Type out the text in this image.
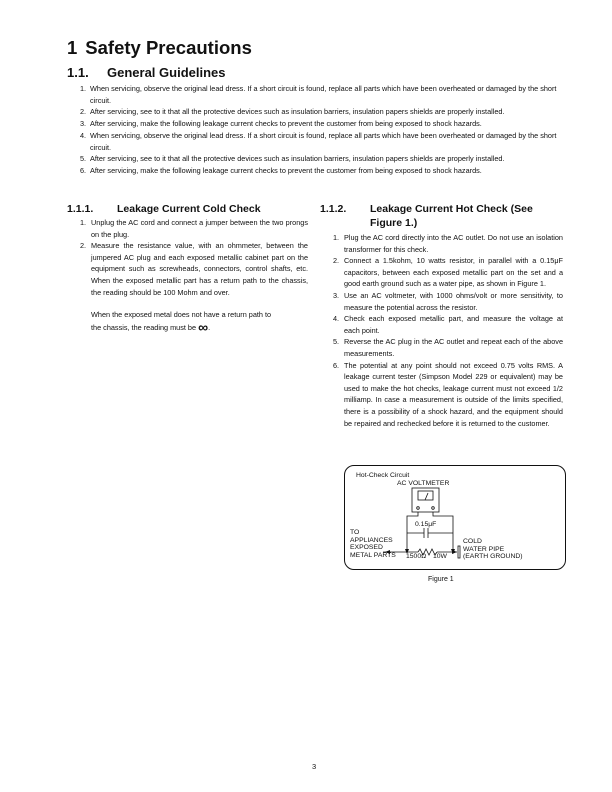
1 Safety Precautions
1.1. General Guidelines
1. When servicing, observe the original lead dress. If a short circuit is found, replace all parts which have been overheated or damaged by the short circuit.
2. After servicing, see to it that all the protective devices such as insulation barriers, insulation papers shields are properly installed.
3. After servicing, make the following leakage current checks to prevent the customer from being exposed to shock hazards.
4. When servicing, observe the original lead dress. If a short circuit is found, replace all parts which have been overheated or damaged by the short circuit.
5. After servicing, see to it that all the protective devices such as insulation barriers, insulation papers shields are properly installed.
6. After servicing, make the following leakage current checks to prevent the customer from being exposed to shock hazards.
1.1.1. Leakage Current Cold Check
1. Unplug the AC cord and connect a jumper between the two prongs on the plug.
2. Measure the resistance value, with an ohmmeter, between the jumpered AC plug and each exposed metallic cabinet part on the equipment such as screwheads, connectors, control shafts, etc. When the exposed metallic part has a return path to the chassis, the reading should be 100 Mohm and over.
When the exposed metal does not have a return path to
the chassis, the reading must be ∞.
1.1.2. Leakage Current Hot Check (See
Figure 1.)
1. Plug the AC cord directly into the AC outlet. Do not use an isolation transformer for this check.
2. Connect a 1.5kohm, 10 watts resistor, in parallel with a 0.15μF capacitors, between each exposed metallic part on the set and a good earth ground such as a water pipe, as shown in Figure 1.
3. Use an AC voltmeter, with 1000 ohms/volt or more sensitivity, to measure the potential across the resistor.
4. Check each exposed metallic part, and measure the voltage at each point.
5. Reverse the AC plug in the AC outlet and repeat each of the above measurements.
6. The potential at any point should not exceed 0.75 volts RMS. A leakage current tester (Simpson Model 229 or equivalent) may be used to make the hot checks, leakage current must not exceed 1/2 milliamp. In case a measurement is outside of the limits specified, there is a possibility of a shock hazard, and the equipment should be repaired and rechecked before it is returned to the customer.
Hot-Check Circuit
AC VOLTMETER
0.15μF
TO
APPLIANCES
EXPOSED
METAL PARTS 1500Ω 10W
COLD
WATER PIPE
(EARTH GROUND)
Figure 1
3
